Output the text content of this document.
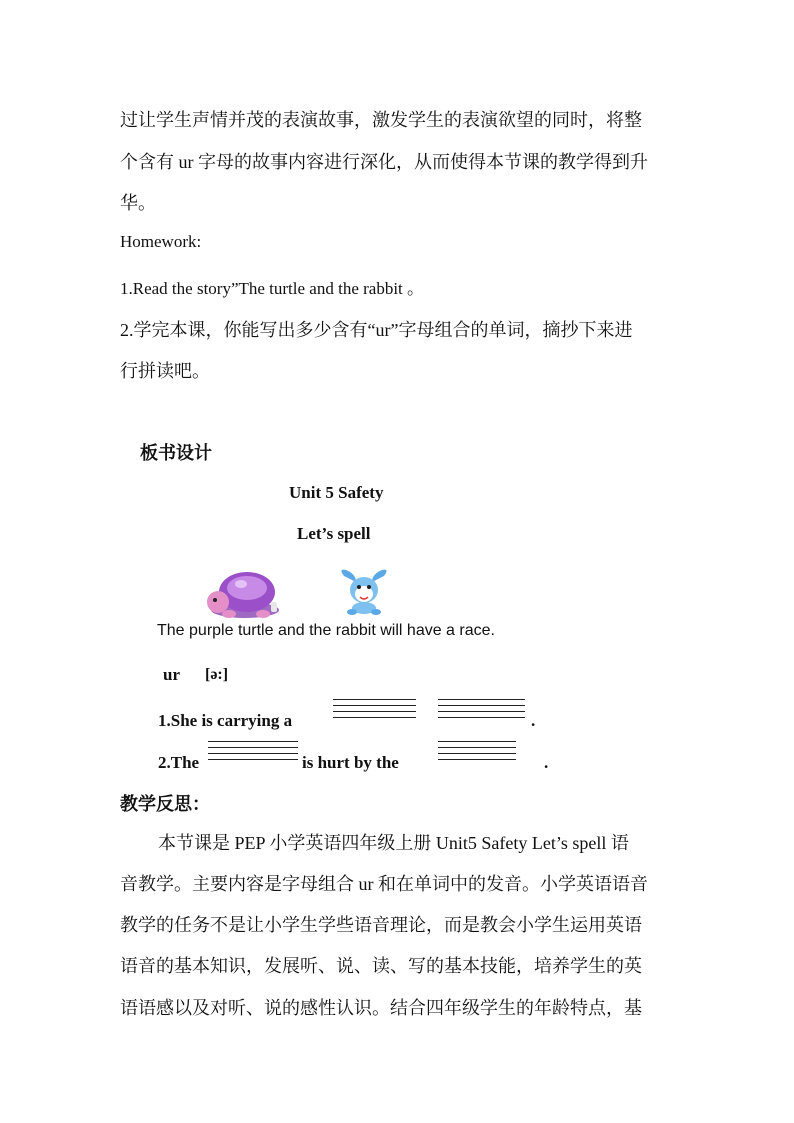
过让学生声情并茂的表演故事，激发学生的表演欲望的同时，将整
个含有 ur 字母的故事内容进行深化，从而使得本节课的教学得到升
华。
Homework:
1.Read the story”The turtle and the rabbit 。
2.学完本课，你能写出多少含有“ur”字母组合的单词，摘抄下来进
行拼读吧。
板书设计
Unit 5 Safety
Let’s spell
The purple turtle and the rabbit will have a race.
ur [ə:]
1.She is carrying a	.
2.The	is hurt by the	.
教学反思：
本节课是 PEP 小学英语四年级上册 Unit5 Safety Let’s spell 语
音教学。主要内容是字母组合 ur 和在单词中的发音。小学英语语音
教学的任务不是让小学生学些语音理论，而是教会小学生运用英语
语音的基本知识，发展听、说、读、写的基本技能，培养学生的英
语语感以及对听、说的感性认识。结合四年级学生的年龄特点，基
